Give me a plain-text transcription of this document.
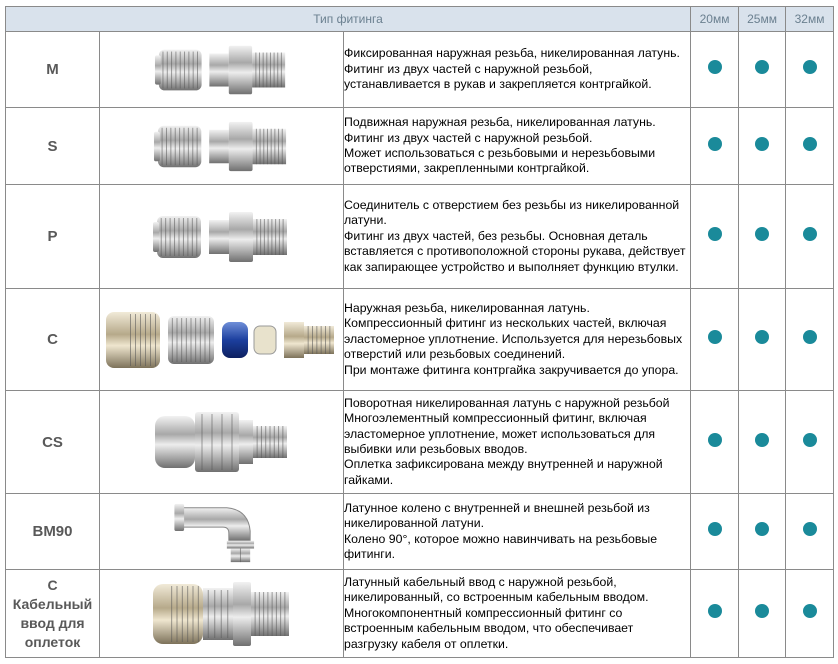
Тип фитинга			20мм	25мм	32мм
M		Фиксированная наружная резьба, никелированная латунь.
Фитинг из двух частей с наружной резьбой, устанавливается в рукав и закрепляется контргайкой.			
S		Подвижная наружная резьба, никелированная латунь.
Фитинг из двух частей с наружной резьбой.
Может использоваться с резьбовыми и нерезьбовыми отверстиями, закрепленными контргайкой.			
P		Соединитель с отверстием без резьбы из никелированной латуни.
Фитинг из двух частей, без резьбы. Основная деталь вставляется с противоположной стороны рукава, действует как запирающее устройство и выполняет функцию втулки.			
C		Наружная резьба, никелированная латунь.
Компрессионный фитинг из нескольких частей, включая эластомерное уплотнение. Используется для нерезьбовых отверстий или резьбовых соединений.
При монтаже фитинга контргайка закручивается до упора.			
CS		Поворотная никелированная латунь с наружной резьбой Многоэлементный компрессионный фитинг, включая эластомерное уплотнение, может использоваться для выбивки или резьбовых вводов.
Оплетка зафиксирована между внутренней и наружной гайками.			
BM90		Латунное колено с внутренней и внешней резьбой из никелированной латуни.
Колено 90°, которое можно навинчивать на резьбовые фитинги.			
C
Кабельный ввод для оплеток		Латунный кабельный ввод с наружной резьбой, никелированный, со встроенным кабельным вводом.
Многокомпонентный компрессионный фитинг со встроенным кабельным вводом, что обеспечивает разгрузку кабеля от оплетки.			
